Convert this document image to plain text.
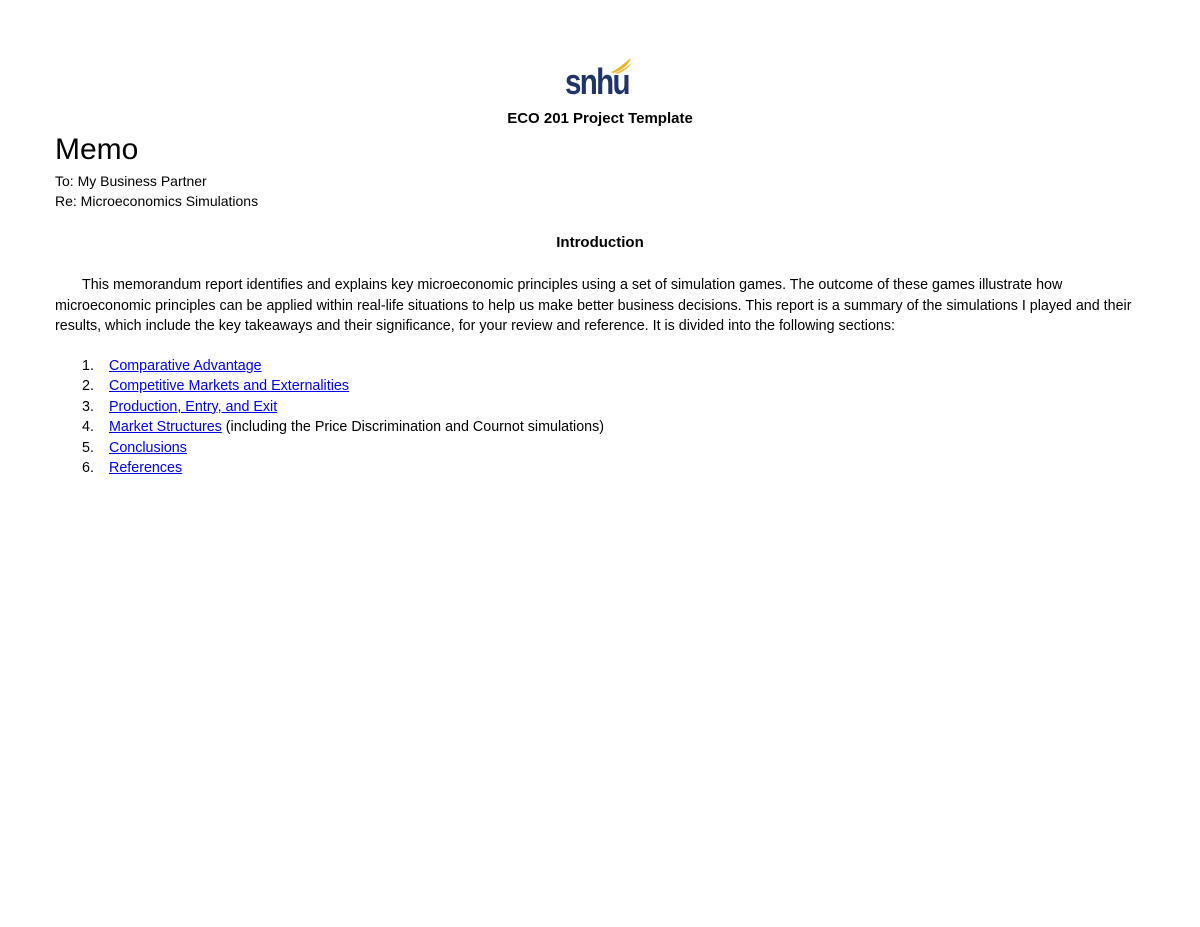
snhu
ECO 201 Project Template
Memo
To: My Business Partner
Re: Microeconomics Simulations
Introduction

This memorandum report identifies and explains key microeconomic principles using a set of simulation games. The outcome of these games illustrate how microeconomic principles can be applied within real-life situations to help us make better business decisions. This report is a summary of the simulations I played and their results, which include the key takeaways and their significance, for your review and reference. It is divided into the following sections:

1. Comparative Advantage
2. Competitive Markets and Externalities
3. Production, Entry, and Exit
4. Market Structures (including the Price Discrimination and Cournot simulations)
5. Conclusions
6. References
